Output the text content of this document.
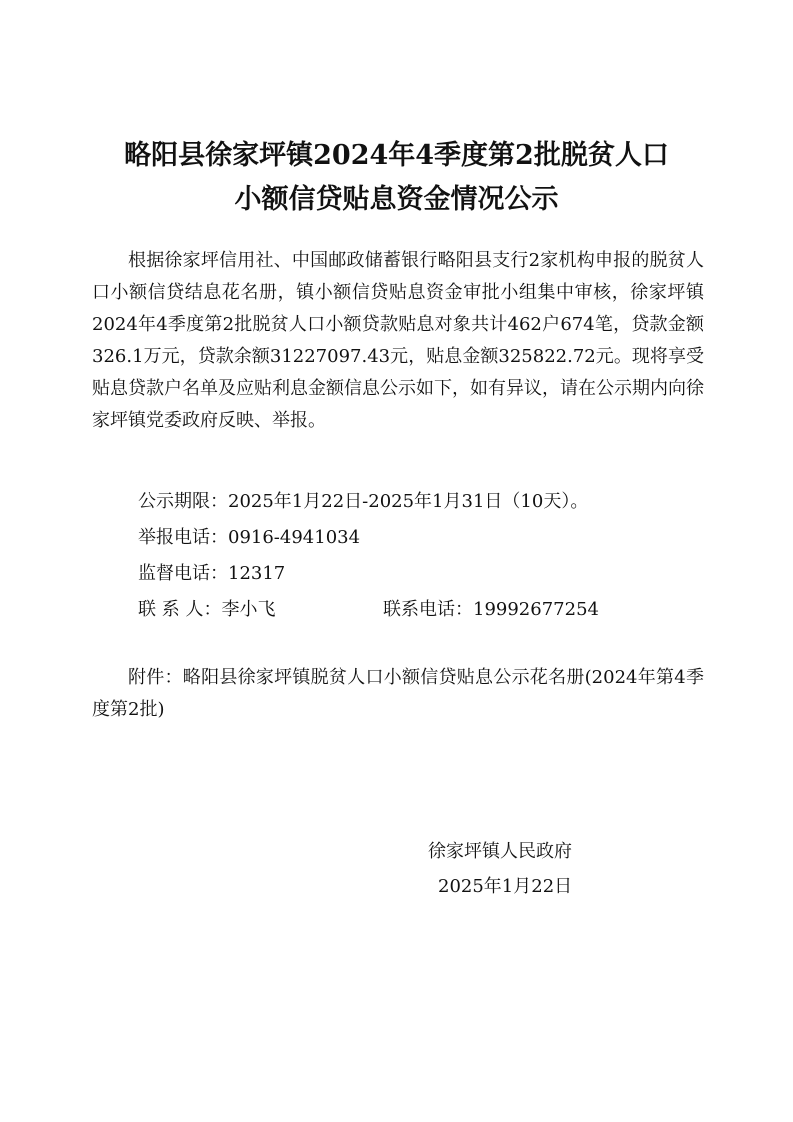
略阳县徐家坪镇2024年4季度第2批脱贫人口
小额信贷贴息资金情况公示
根据徐家坪信用社、中国邮政储蓄银行略阳县支行2家机构申报的脱贫人口小额信贷结息花名册，镇小额信贷贴息资金审批小组集中审核，徐家坪镇2024年4季度第2批脱贫人口小额贷款贴息对象共计462户674笔，贷款金额326.1万元，贷款余额31227097.43元，贴息金额325822.72元。现将享受贴息贷款户名单及应贴利息金额信息公示如下，如有异议，请在公示期内向徐家坪镇党委政府反映、举报。
公示期限：2025年1月22日-2025年1月31日（10天）。
举报电话：0916-4941034
监督电话：12317
联 系 人：李小飞	联系电话：19992677254
附件：略阳县徐家坪镇脱贫人口小额信贷贴息公示花名册(2024年第4季度第2批)
徐家坪镇人民政府
2025年1月22日
